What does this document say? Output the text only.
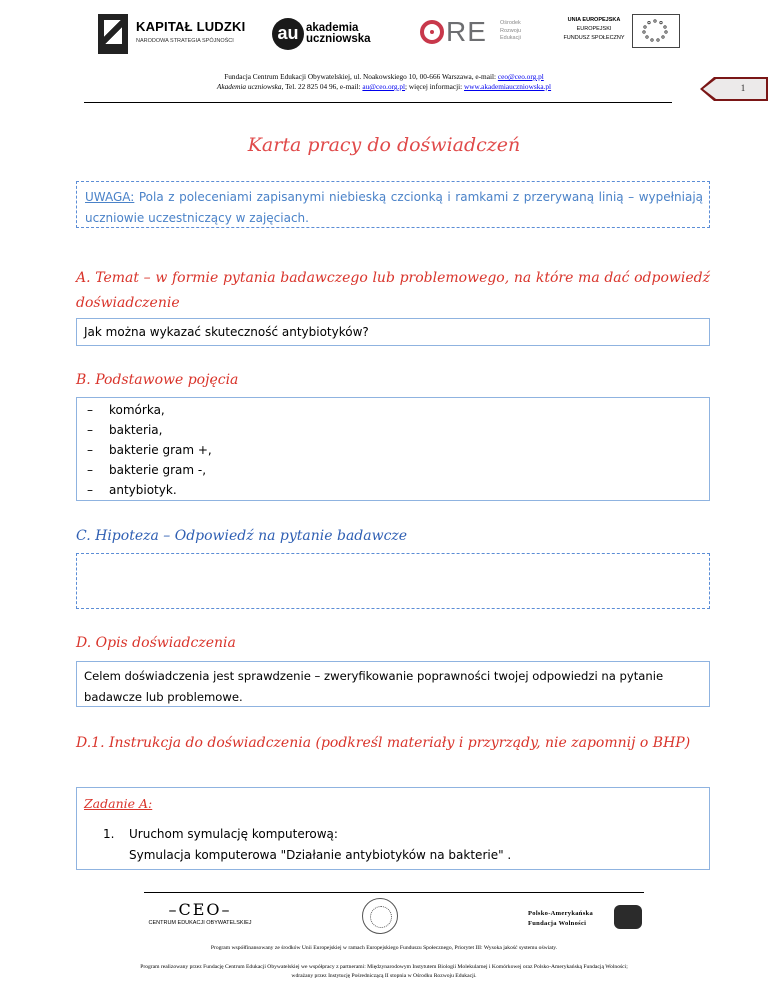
KAPITAŁ LUDZKI
NARODOWA STRATEGIA SPÓJNOŚCI	au akademia
uczniowska	RE Ośrodek
Rozwoju
Edukacji
UNIA EUROPEJSKA
EUROPEJSKI
FUNDUSZ SPOŁECZNY
Fundacja Centrum Edukacji Obywatelskiej, ul. Noakowskiego 10, 00-666 Warszawa, e-mail: ceo@ceo.org.pl
Akademia uczniowska, Tel. 22 825 04 96, e-mail: au@ceo.org.pl; więcej informacji: www.akademiauczniowska.pl	1
Karta pracy do doświadczeń
UWAGA: Pola z poleceniami zapisanymi niebieską czcionką i ramkami z przerywaną linią – wypełniają uczniowie uczestniczący w zajęciach.
A. Temat – w formie pytania badawczego lub problemowego, na które ma dać odpowiedź doświadczenie
Jak można wykazać skuteczność antybiotyków?
B. Podstawowe pojęcia
– komórka,
– bakteria,
– bakterie gram +,
– bakterie gram -,
– antybiotyk.
C. Hipoteza – Odpowiedź na pytanie badawcze
D. Opis doświadczenia
Celem doświadczenia jest sprawdzenie – zweryfikowanie poprawności twojej odpowiedzi na pytanie badawcze lub problemowe.
D.1. Instrukcja do doświadczenia (podkreśl materiały i przyrządy, nie zapomnij o BHP)
Zadanie A:
1. Uruchom symulację komputerową:
Symulacja komputerowa "Działanie antybiotyków na bakterie" .
–CEO–
CENTRUM EDUKACJI OBYWATELSKIEJ
Polsko-Amerykańska
Fundacja Wolności
Program współfinansowany ze środków Unii Europejskiej w ramach Europejskiego Funduszu Społecznego, Priorytet III: Wysoka jakość systemu oświaty.
Program realizowany przez Fundację Centrum Edukacji Obywatelskiej we współpracy z partnerami: Międzynarodowym Instytutem Biologii Molekularnej i Komórkowej oraz Polsko-Amerykańską Fundacją Wolności;
wdrażany przez Instytucję Pośredniczącą II stopnia w Ośrodku Rozwoju Edukacji.
